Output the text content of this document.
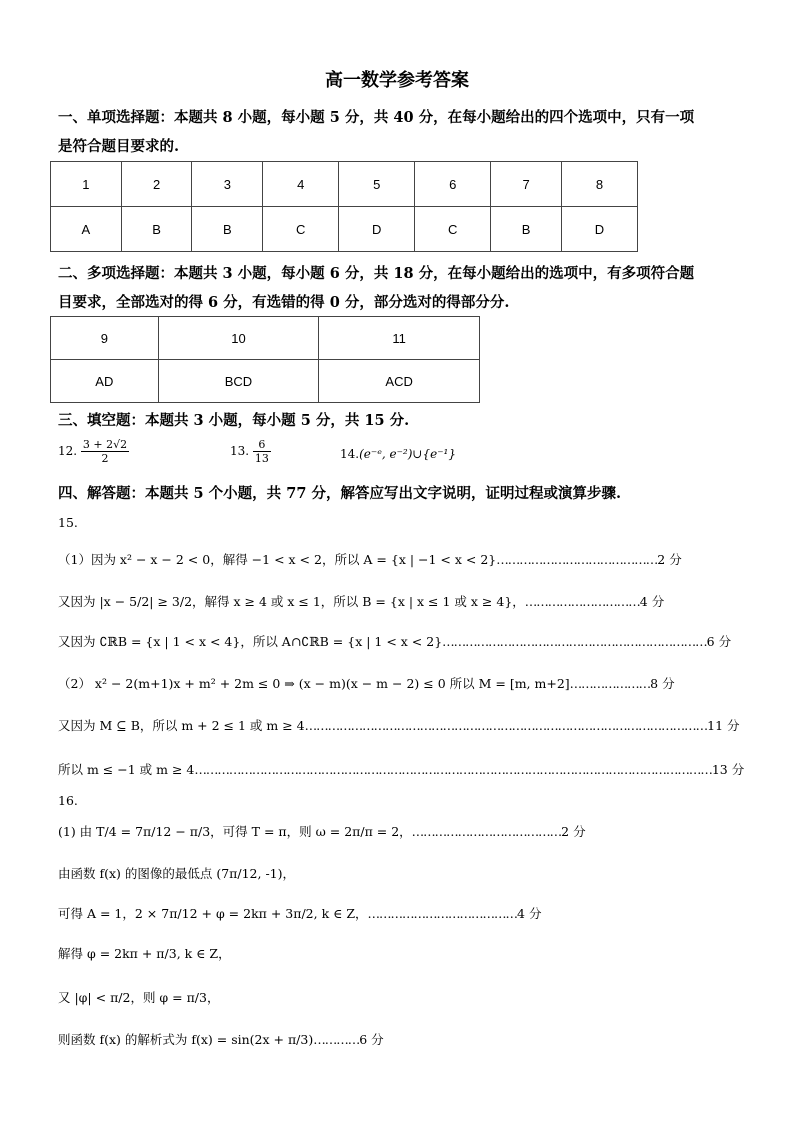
高一数学参考答案
一、单项选择题：本题共 8 小题，每小题 5 分，共 40 分，在每小题给出的四个选项中，只有一项
是符合题目要求的.
1	2	3	4	5	6	7	8
A	B	B	C	D	C	B	D
二、多项选择题：本题共 3 小题，每小题 6 分，共 18 分，在每小题给出的选项中，有多项符合题
目要求，全部选对的得 6 分，有选错的得 0 分，部分选对的得部分分.
9	10	11
AD	BCD	ACD
三、填空题：本题共 3 小题，每小题 5 分，共 15 分.
12. $\frac{3 + 2√2}{2}$	13. $\frac{6}{13}$	14.(e⁻ᵉ, e⁻²)∪{e⁻¹}
四、解答题：本题共 5 个小题，共 77 分，解答应写出文字说明，证明过程或演算步骤.
15.
（1）因为 x² − x − 2 < 0，解得 −1 < x < 2，所以 A = {x | −1 < x < 2}……………………………………2 分
又因为 |x − 5/2| ≥ 3/2，解得 x ≥ 4 或 x ≤ 1，所以 B = {x | x ≤ 1 或 x ≥ 4}，…………………………4 分
又因为 ∁ℝB = {x | 1 < x < 4}，所以 A∩∁ℝB = {x | 1 < x < 2}……………………………………………………………6 分
（2） x² − 2(m+1)x + m² + 2m ≤ 0 ⇒ (x − m)(x − m − 2) ≤ 0 所以 M = [m, m+2]…………………8 分
又因为 M ⊆ B，所以 m + 2 ≤ 1 或 m ≥ 4……………………………………………………………………………………………11 分
所以 m ≤ −1 或 m ≥ 4………………………………………………………………………………………………………………………13 分
16.
(1) 由 T/4 = 7π/12 − π/3，可得 T = π，则 ω = 2π/π = 2，…………………………………2 分
由函数 f(x) 的图像的最低点 (7π/12, -1)，
可得 A = 1，2 × 7π/12 + φ = 2kπ + 3π/2, k ∈ Z，…………………………………4 分
解得 φ = 2kπ + π/3, k ∈ Z，
又 |φ| < π/2，则 φ = π/3，
则函数 f(x) 的解析式为 f(x) = sin(2x + π/3)…………6 分
